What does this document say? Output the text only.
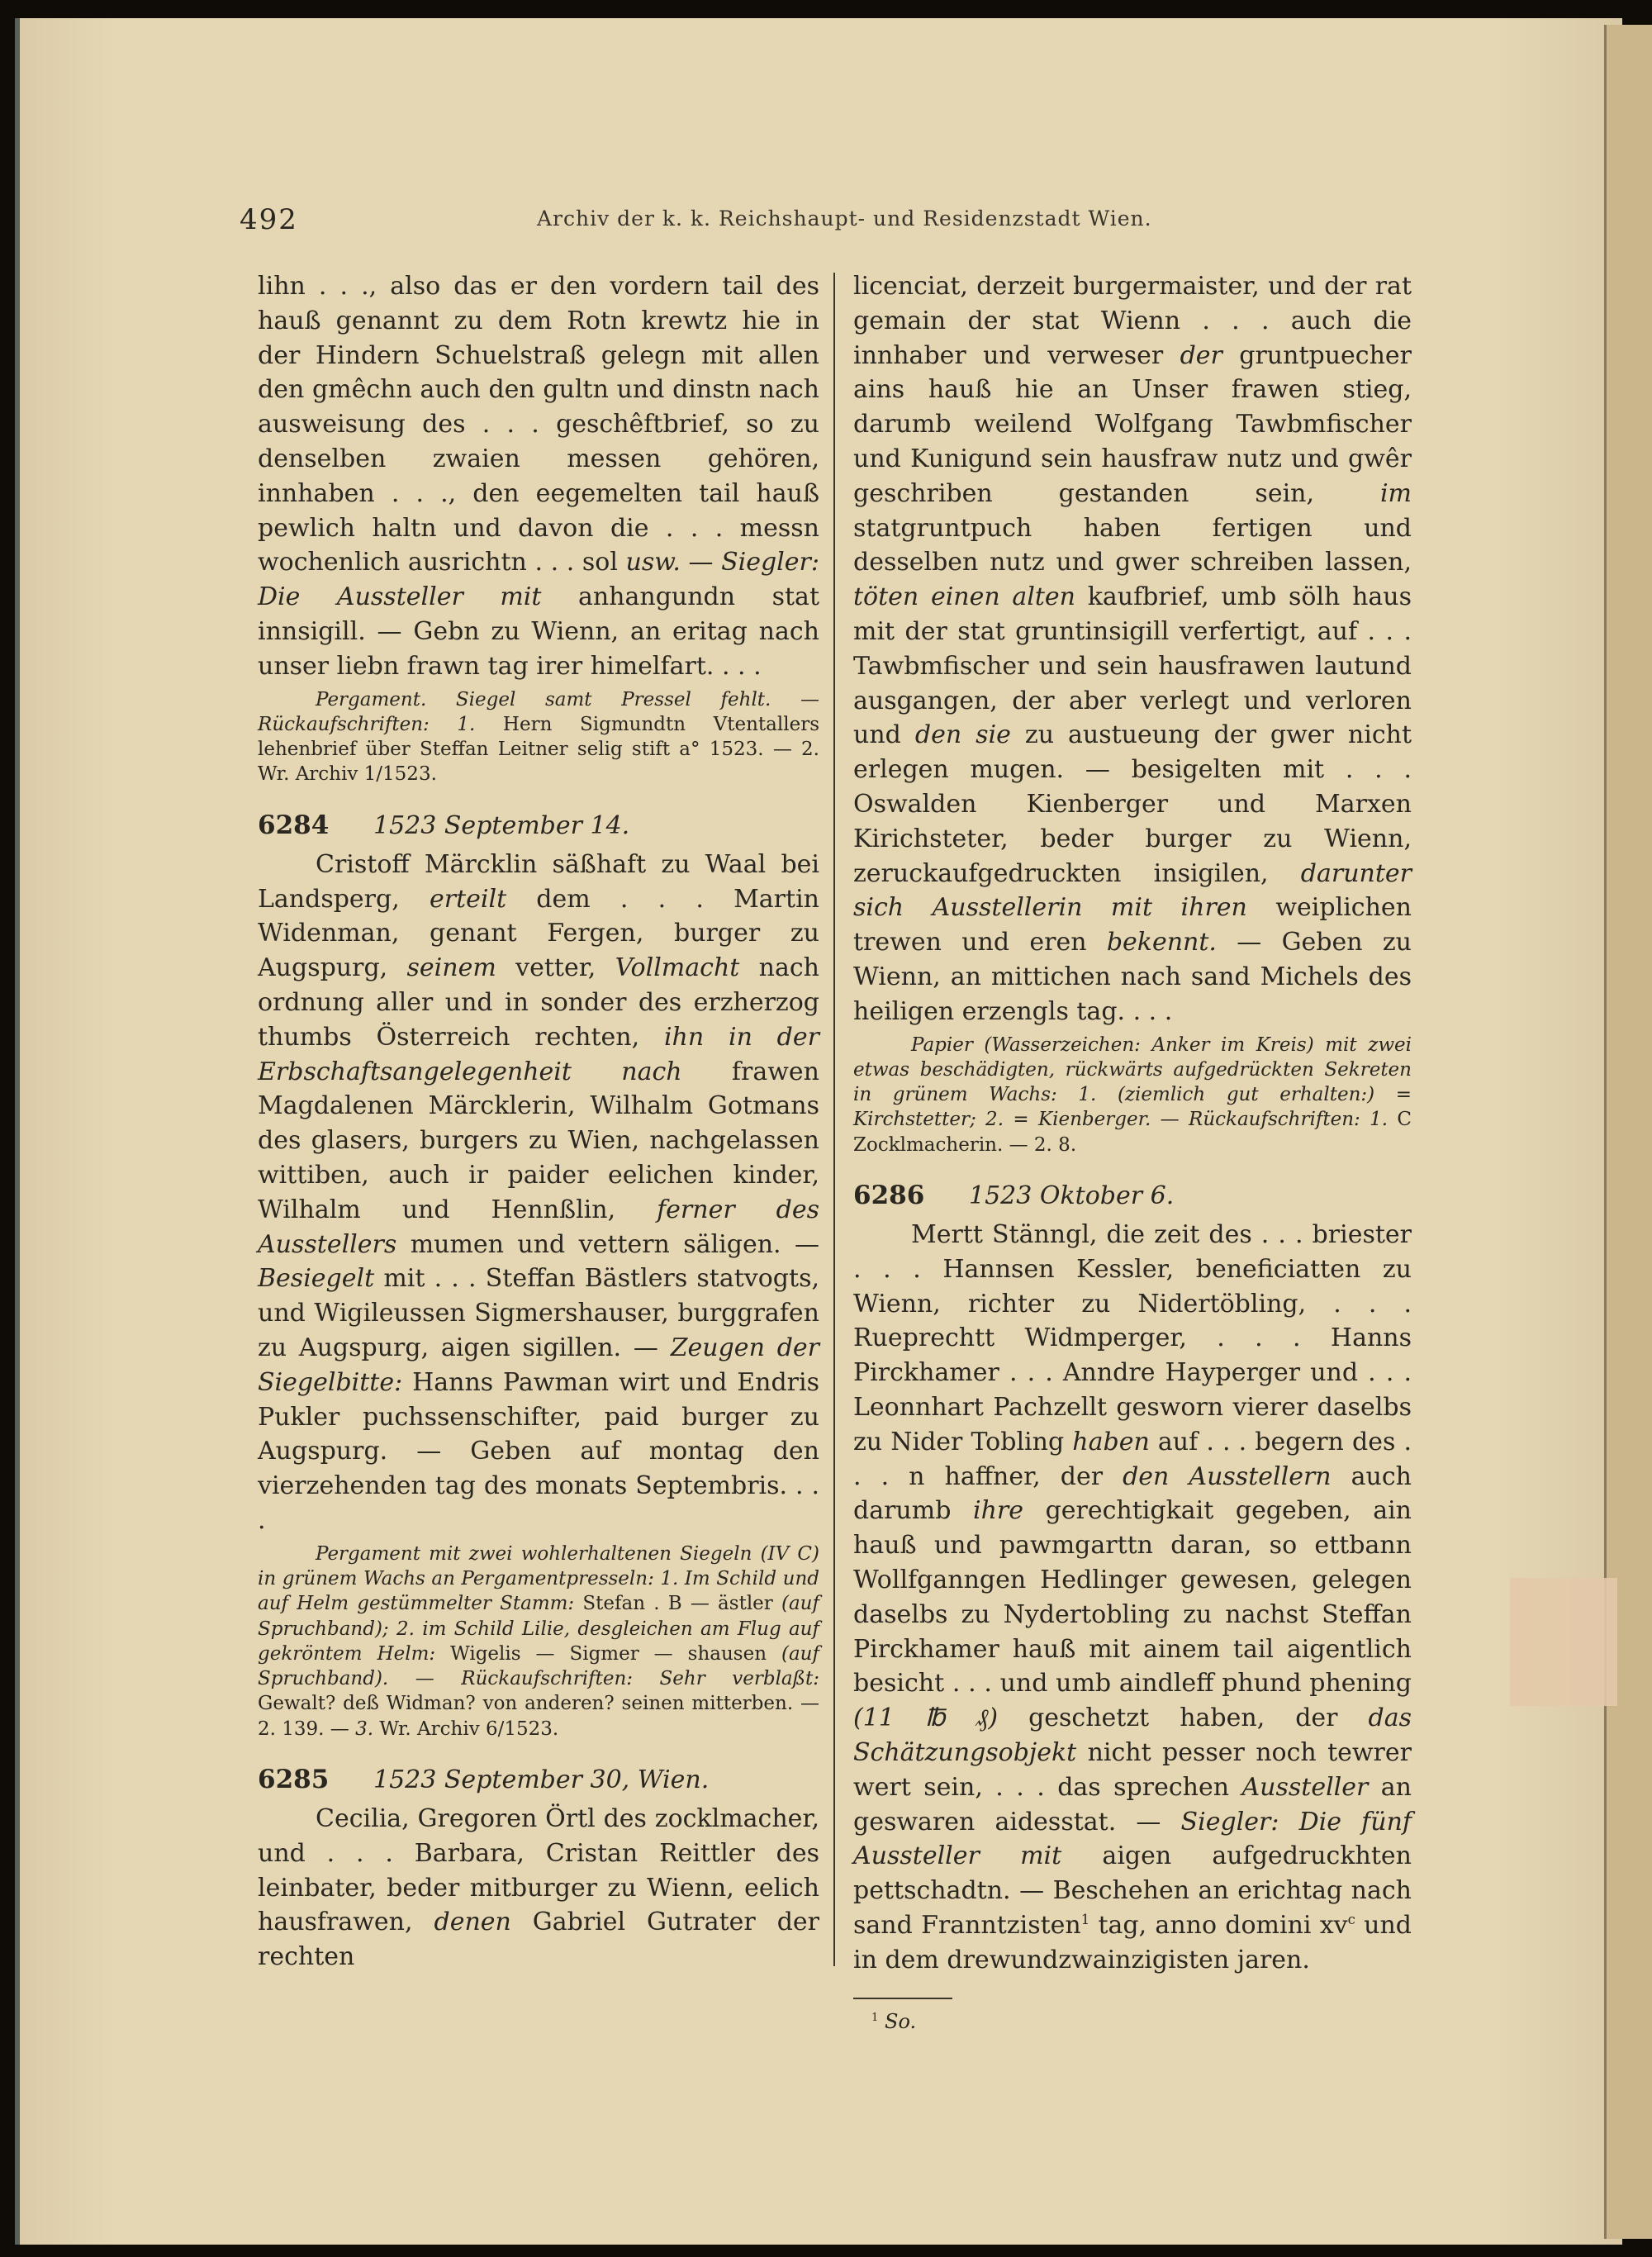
492	Archiv der k. k. Reichshaupt- und Residenzstadt Wien.

lihn . . ., also das er den vordern tail des hauß genannt zu dem Rotn krewtz hie in der Hindern Schuelstraß gelegn mit allen den gmêchn auch den gultn und dinstn nach ausweisung des . . . geschêftbrief, so zu denselben zwaien messen gehören, innhaben . . ., den eegemelten tail hauß pewlich haltn und davon die . . . messn wochenlich ausrichtn . . . sol usw. — Siegler: Die Aussteller mit anhangundn stat innsigill. — Gebn zu Wienn, an eritag nach unser liebn frawn tag irer himelfart. . . .

Pergament. Siegel samt Pressel fehlt. — Rückaufschriften: 1. Hern Sigmundtn Vtentallers lehenbrief über Steffan Leitner selig stift a° 1523. — 2. Wr. Archiv 1/1523.

6284 1523 September 14.

Cristoff Märcklin säßhaft zu Waal bei Landsperg, erteilt dem . . . Martin Widenman, genant Fergen, burger zu Augspurg, seinem vetter, Vollmacht nach ordnung aller und in sonder des erzherzog thumbs Österreich rechten, ihn in der Erbschaftsangelegenheit nach frawen Magdalenen Märcklerin, Wilhalm Gotmans des glasers, burgers zu Wien, nachgelassen wittiben, auch ir paider eelichen kinder, Wilhalm und Hennßlin, ferner des Ausstellers mumen und vettern säligen. — Besiegelt mit . . . Steffan Bästlers statvogts, und Wigileussen Sigmershauser, burggrafen zu Augspurg, aigen sigillen. — Zeugen der Siegelbitte: Hanns Pawman wirt und Endris Pukler puchssenschifter, paid burger zu Augspurg. — Geben auf montag den vierzehenden tag des monats Septembris. . . .

Pergament mit zwei wohlerhaltenen Siegeln (IV C) in grünem Wachs an Pergamentpresseln: 1. Im Schild und auf Helm gestümmelter Stamm: Stefan . B — ästler (auf Spruchband); 2. im Schild Lilie, desgleichen am Flug auf gekröntem Helm: Wigelis — Sigmer — shausen (auf Spruchband). — Rückaufschriften: Sehr verblaßt: Gewalt? deß Widman? von anderen? seinen mitterben. — 2. 139. — 3. Wr. Archiv 6/1523.

6285 1523 September 30, Wien.

Cecilia, Gregoren Örtl des zocklmacher, und . . . Barbara, Cristan Reittler des leinbater, beder mitburger zu Wienn, eelich hausfrawen, denen Gabriel Gutrater der rechten

licenciat, derzeit burgermaister, und der rat gemain der stat Wienn . . . auch die innhaber und verweser der gruntpuecher ains hauß hie an Unser frawen stieg, darumb weilend Wolfgang Tawbmfischer und Kunigund sein hausfraw nutz und gwêr geschriben gestanden sein, im statgruntpuch haben fertigen und desselben nutz und gwer schreiben lassen, töten einen alten kaufbrief, umb sölh haus mit der stat gruntinsigill verfertigt, auf . . . Tawbmfischer und sein hausfrawen lautund ausgangen, der aber verlegt und verloren und den sie zu austueung der gwer nicht erlegen mugen. — besigelten mit . . . Oswalden Kienberger und Marxen Kirichsteter, beder burger zu Wienn, zeruckaufgedruckten insigilen, darunter sich Ausstellerin mit ihren weiplichen trewen und eren bekennt. — Geben zu Wienn, an mittichen nach sand Michels des heiligen erzengls tag. . . .

Papier (Wasserzeichen: Anker im Kreis) mit zwei etwas beschädigten, rückwärts aufgedrückten Sekreten in grünem Wachs: 1. (ziemlich gut erhalten:) = Kirchstetter; 2. = Kienberger. — Rückaufschriften: 1. C Zocklmacherin. — 2. 8.

6286 1523 Oktober 6.

Mertt Stänngl, die zeit des . . . briester . . . Hannsen Kessler, beneficiatten zu Wienn, richter zu Nidertöbling, . . . Rueprechtt Widmperger, . . . Hanns Pirckhamer . . . Anndre Hayperger und . . . Leonnhart Pachzellt gesworn vierer daselbs zu Nider Tobling haben auf . . . begern des . . . n haffner, der den Ausstellern auch darumb ihre gerechtigkait gegeben, ain hauß und pawmgarttn daran, so ettbann Wollfganngen Hedlinger gewesen, gelegen daselbs zu Nydertobling zu nachst Steffan Pirckhamer hauß mit ainem tail aigentlich besicht . . . und umb aindleff phund phening (11 ℔ ₰) geschetzt haben, der das Schätzungsobjekt nicht pesser noch tewrer wert sein, . . . das sprechen Aussteller an geswaren aidesstat. — Siegler: Die fünf Aussteller mit aigen aufgedruckhten pettschadtn. — Beschehen an erichtag nach sand Franntzisten$^1$ tag, anno domini $xv^c$ und in dem drewundzwainzigisten jaren.

$^1$ So.
